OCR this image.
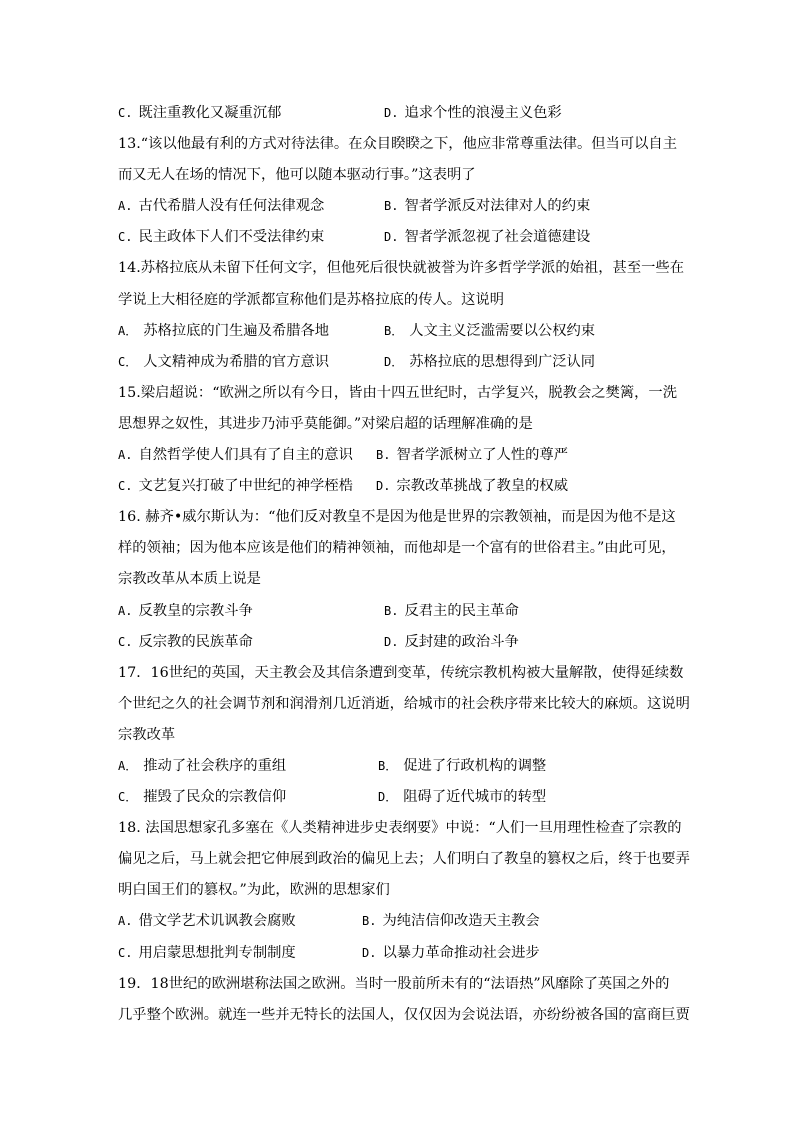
C. 既注重教化又凝重沉郁	D. 追求个性的浪漫主义色彩
13.“该以他最有利的方式对待法律。在众目睽睽之下，他应非常尊重法律。但当可以自主
而又无人在场的情况下，他可以随本驱动行事。”这表明了
A. 古代希腊人没有任何法律观念	B. 智者学派反对法律对人的约束
C. 民主政体下人们不受法律约束	D. 智者学派忽视了社会道德建设
14.苏格拉底从未留下任何文字，但他死后很快就被誉为许多哲学学派的始祖，甚至一些在
学说上大相径庭的学派都宣称他们是苏格拉底的传人。这说明
A． 苏格拉底的门生遍及希腊各地	B． 人文主义泛滥需要以公权约束
C． 人文精神成为希腊的官方意识	D． 苏格拉底的思想得到广泛认同
15.梁启超说：“欧洲之所以有今日，皆由十四五世纪时，古学复兴，脱教会之樊篱，一洗
思想界之奴性，其进步乃沛乎莫能御。”对梁启超的话理解准确的是
A. 自然哲学使人们具有了自主的意识 B. 智者学派树立了人性的尊严
C. 文艺复兴打破了中世纪的神学桎梏 D. 宗教改革挑战了教皇的权威
16. 赫齐•威尔斯认为：“他们反对教皇不是因为他是世界的宗教领袖，而是因为他不是这
样的领袖；因为他本应该是他们的精神领袖，而他却是一个富有的世俗君主。”由此可见，
宗教改革从本质上说是
A. 反教皇的宗教斗争	B. 反君主的民主革命
C. 反宗教的民族革命	D. 反封建的政治斗争
17．16世纪的英国，天主教会及其信条遭到变革，传统宗教机构被大量解散，使得延续数
个世纪之久的社会调节剂和润滑剂几近消逝，给城市的社会秩序带来比较大的麻烦。这说明
宗教改革
A． 推动了社会秩序的重组	B． 促进了行政机构的调整
C． 摧毁了民众的宗教信仰	D． 阻碍了近代城市的转型
18. 法国思想家孔多塞在《人类精神进步史表纲要》中说：“人们一旦用理性检查了宗教的
偏见之后，马上就会把它伸展到政治的偏见上去；人们明白了教皇的篡权之后，终于也要弄
明白国王们的篡权。”为此，欧洲的思想家们
A. 借文学艺术讥讽教会腐败	B. 为纯洁信仰改造天主教会
C. 用启蒙思想批判专制制度	D. 以暴力革命推动社会进步
19．18世纪的欧洲堪称法国之欧洲。当时一股前所未有的“法语热”风靡除了英国之外的
几乎整个欧洲。就连一些并无特长的法国人，仅仅因为会说法语，亦纷纷被各国的富商巨贾
